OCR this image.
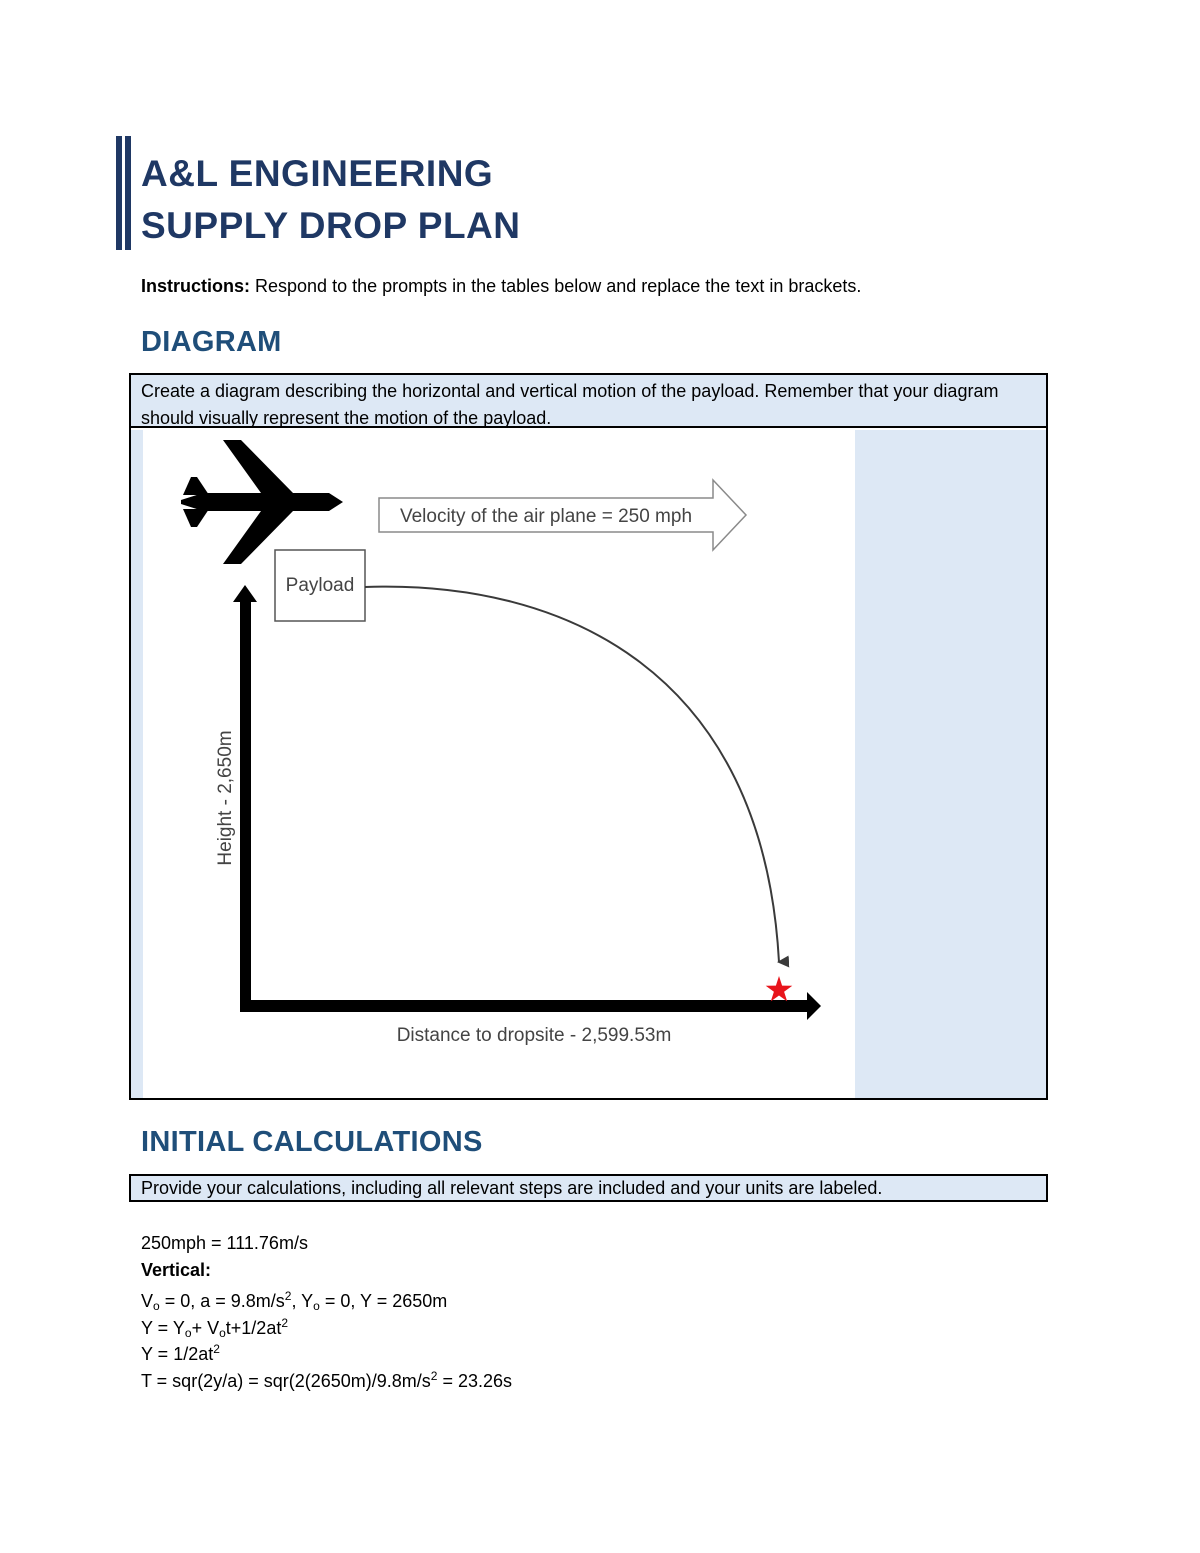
A&L ENGINEERING
SUPPLY DROP PLAN
Instructions: Respond to the prompts in the tables below and replace the text in brackets.
DIAGRAM
Create a diagram describing the horizontal and vertical motion of the payload. Remember that your diagram should visually represent the motion of the payload.
Velocity of the air plane = 250 mph
Payload
Height - 2,650m
Distance to dropsite - 2,599.53m
INITIAL CALCULATIONS
Provide your calculations, including all relevant steps are included and your units are labeled.
250mph = 111.76m/s
Vertical:
$V_o = 0$, $a = 9.8m/s^2$, $Y_o = 0$, Y = 2650m
$Y = Y_o+ V_ot+1/2at^2$
$Y = 1/2at^2$
$T = sqr(2y/a) = sqr(2(2650m)/9.8m/s^2 = 23.26s$
